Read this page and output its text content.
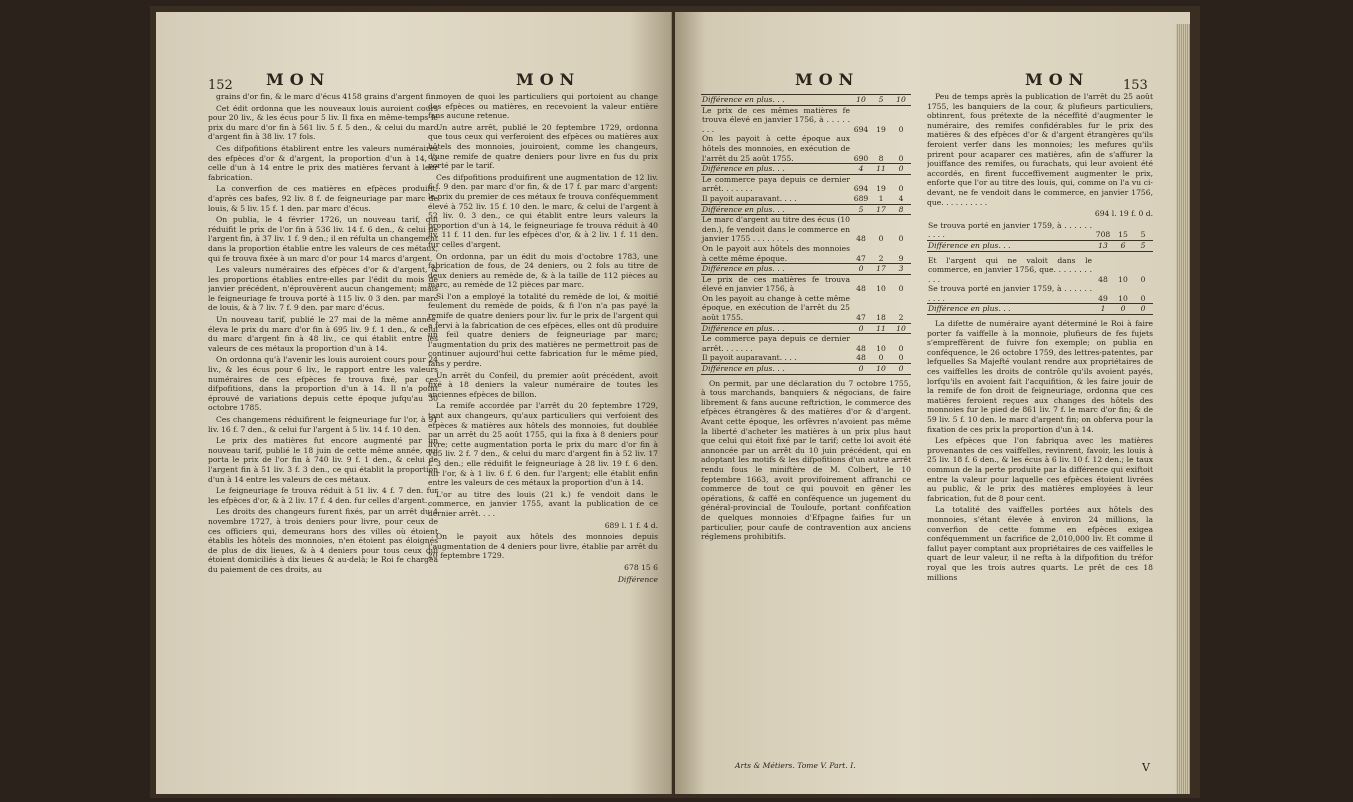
152 MON	MON

grains d'or fin, & le marc d'écus 4158 grains d'argent fin.

Cet édit ordonna que les nouveaux louis auroient cours pour 20 liv., & les écus pour 5 liv. Il fixa en même-temps le prix du marc d'or fin à 561 liv. 5 f. 5 den., & celui du marc d'argent fin à 38 liv. 17 fols.

Ces difpofitions établirent entre les valeurs numéraires des efpèces d'or & d'argent, la proportion d'un à 14, & celle d'un à 14 entre le prix des matières fervant à leur fabrication.

La converfion de ces matières en efpèces produifit, d'après ces bafes, 92 liv. 8 f. de feigneuriage par marc de louis, & 5 liv. 15 f. 1 den. par marc d'écus.

On publia, le 4 février 1726, un nouveau tarif, qui réduifit le prix de l'or fin à 536 liv. 14 f. 6 den., & celui de l'argent fin, à 37 liv. 1 f. 9 den.; il en réfulta un changement dans la proportion établie entre les valeurs de ces métaux, qui fe trouva fixée à un marc d'or pour 14 marcs d'argent.

Les valeurs numéraires des efpèces d'or & d'argent, & les proportions établies entre-elles par l'édit du mois de janvier précédent, n'éprouvèrent aucun changement; mais le feigneuriage fe trouva porté à 115 liv. 0 3 den. par marc de louis, & à 7 liv. 7 f. 9 den. par marc d'écus.

Un nouveau tarif, publié le 27 mai de la même année, éleva le prix du marc d'or fin à 695 liv. 9 f. 1 den., & celui du marc d'argent fin à 48 liv., ce qui établit entre les valeurs de ces métaux la proportion d'un à 14.

On ordonna qu'à l'avenir les louis auroient cours pour 24 liv., & les écus pour 6 liv., le rapport entre les valeurs numéraires de ces efpèces fe trouva fixé, par ces difpofitions, dans la proportion d'un à 14. Il n'a point éprouvé de variations depuis cette époque jufqu'au 30 octobre 1785.

Ces changemens réduifirent le feigneuriage fur l'or, à 91 liv. 16 f. 7 den., & celui fur l'argent à 5 liv. 14 f. 10 den.

Le prix des matières fut encore augmenté par un nouveau tarif, publié le 18 juin de cette même année, qui porta le prix de l'or fin à 740 liv. 9 f. 1 den., & celui de l'argent fin à 51 liv. 3 f. 3 den., ce qui établit la proportion d'un à 14 entre les valeurs de ces métaux.

Le feigneuriage fe trouva réduit à 51 liv. 4 f. 7 den. fur les efpèces d'or, & à 2 liv. 17 f. 4 den. fur celles d'argent.

Les droits des changeurs furent fixés, par un arrêt du 4 novembre 1727, à trois deniers pour livre, pour ceux de ces officiers qui, demeurans hors des villes où étoient établis les hôtels des monnoies, n'en étoient pas éloignés de plus de dix lieues, & à 4 deniers pour tous ceux qui étoient domiciliés à dix lieues & au-delà; le Roi fe chargea du paiement de ces droits, au

moyen de quoi les particuliers qui portoient au change des efpèces ou matières, en recevoient la valeur entière fans aucune retenue.

Un autre arrêt, publié le 20 feptembre 1729, ordonna que tous ceux qui verferoient des efpèces ou matières aux hôtels des monnoies, jouiroient, comme les changeurs, d'une remife de quatre deniers pour livre en fus du prix porté par le tarif.

Ces difpofitions produifirent une augmentation de 12 liv. 6 f. 9 den. par marc d'or fin, & de 17 f. par marc d'argent: le prix du premier de ces métaux fe trouva conféquemment élevé à 752 liv. 15 f. 10 den. le marc, & celui de l'argent à 52 liv. 0. 3 den., ce qui établit entre leurs valeurs la proportion d'un à 14, le feigneuriage fe trouva réduit à 40 liv. 11 f. 11 den. fur les efpèces d'or, & à 2 liv. 1 f. 11 den. fur celles d'argent.

On ordonna, par un édit du mois d'octobre 1783, une fabrication de fous, de 24 deniers, ou 2 fols au titre de deux deniers au remède de, & à la taille de 112 pièces au marc, au remède de 12 pièces par marc.

Si l'on a employé la totalité du remède de loi, & moitié feulement du remède de poids, & fi l'on n'a pas payé la remife de quatre deniers pour liv. fur le prix de l'argent qui a fervi à la fabrication de ces efpèces, elles ont dû produire un feil quatre deniers de feigneuriage par marc; l'augmentation du prix des matières ne permettroit pas de continuer aujourd'hui cette fabrication fur le même pied, fans y perdre.

Un arrêt du Confeil, du premier août précédent, avoit fixé à 18 deniers la valeur numéraire de toutes les anciennes efpèces de billon.

La remife accordée par l'arrêt du 20 feptembre 1729, tant aux changeurs, qu'aux particuliers qui verfoient des efpèces & matières aux hôtels des monnoies, fut doublée par un arrêt du 25 août 1755, qui la fixa à 8 deniers pour livre; cette augmentation porta le prix du marc d'or fin à 765 liv. 2 f. 7 den., & celui du marc d'argent fin à 52 liv. 17 f. 3 den.; elle réduifit le feigneuriage à 28 liv. 19 f. 6 den. fur l'or, & à 1 liv. 6 f. 6 den. fur l'argent; elle établit enfin entre les valeurs de ces métaux la proportion d'un à 14.

L'or au titre des louis (21 k.) fe vendoit dans le commerce, en janvier 1755, avant la publication de ce dernier arrêt. . . .

689 l. 1 f. 4 d.

On le payoit aux hôtels des monnoies depuis l'augmentation de 4 deniers pour livre, établie par arrêt du 20 feptembre 1729.

678 15 6

Différence

MON	MON	153
Différence en plus. . .	10	5	10
Le prix de ces mêmes matières fe trouva élevé en janvier 1756, à . . . . . . . .	694	19	0
On les payoit à cette époque aux hôtels des monnoies, en exécution de l'arrêt du 25 août 1755.	690	8	0
Différence en plus. . .	4	11	0
Le commerce paya depuis ce dernier arrêt. . . . . . .	694	19	0
Il payoit auparavant. . . .	689	1	4
Différence en plus. . .	5	17	8
Le marc d'argent au titre des écus (10 den.), fe vendoit dans le commerce en janvier 1755 . . . . . . . .	48	0	0
On le payoit aux hôtels des monnoies à cette même époque.	47	2	9
Différence en plus. . .	0	17	3
Le prix de ces matières fe trouva élevé en janvier 1756, à	48	10	0
On les payoit au change à cette même époque, en exécution de l'arrêt du 25 août 1755.	47	18	2
Différence en plus. . .	0	11	10
Le commerce paya depuis ce dernier arrêt. . . . . . .	48	10	0
Il payoit auparavant. . . .	48	0	0
Différence en plus. . .	0	10	0

On permit, par une déclaration du 7 octobre 1755, à tous marchands, banquiers & négocians, de faire librement & fans aucune reftriction, le commerce des efpèces étrangères & des matières d'or & d'argent. Avant cette époque, les orfèvres n'avoient pas même la liberté d'acheter les matières à un prix plus haut que celui qui étoit fixé par le tarif; cette loi avoit été annoncée par un arrêt du 10 juin précédent, qui en adoptant les motifs & les difpofitions d'un autre arrêt rendu fous le miniftère de M. Colbert, le 10 feptembre 1663, avoit provifoirement affranchi ce commerce de tout ce qui pouvoit en gêner les opérations, & caffé en conféquence un jugement du général-provincial de Touloufe, portant confifcation de quelques monnoies d'Efpagne faifies fur un particulier, pour caufe de contravention aux anciens réglemens prohibitifs.

Peu de temps après la publication de l'arrêt du 25 août 1755, les banquiers de la cour, & plufieurs particuliers, obtinrent, fous prétexte de la néceffité d'augmenter le numéraire, des remifes confidérables fur le prix des matières & des efpèces d'or & d'argent étrangères qu'ils feroient verfer dans les monnoies; les mefures qu'ils prirent pour acaparer ces matières, afin de s'affurer la jouiffance des remifes, ou furachats, qui leur avoient été accordés, en firent fucceffivement augmenter le prix, enforte que l'or au titre des louis, qui, comme on l'a vu ci-devant, ne fe vendoit dans le commerce, en janvier 1756, que. . . . . . . . . .

694 l. 19 f. 0 d.

Se trouva porté en janvier 1759, à . . . . . . . . . .	708	15	5
Différence en plus. . .	13	6	5
Et l'argent qui ne valoit dans le commerce, en janvier 1756, que. . . . . . . . . . .	48	10	0
Se trouva porté en janvier 1759, à . . . . . . . . . .	49	10	0
Différence en plus. . .	1	0	0

La difette de numéraire ayant déterminé le Roi à faire porter fa vaiffelle à la monnoie, plufieurs de fes fujets s'empreffèrent de fuivre fon exemple; on publia en conféquence, le 26 octobre 1759, des lettres-patentes, par lefquelles Sa Majefté voulant rendre aux propriétaires de ces vaiffelles les droits de contrôle qu'ils avoient payés, lorfqu'ils en avoient fait l'acquifition, & les faire jouir de la remife de fon droit de feigneuriage, ordonna que ces matières feroient reçues aux changes des hôtels des monnoies fur le pied de 861 liv. 7 f. le marc d'or fin; & de 59 liv. 5 f. 10 den. le marc d'argent fin; on obferva pour la fixation de ces prix la proportion d'un à 14.

Les efpèces que l'on fabriqua avec les matières provenantes de ces vaiffelles, revinrent, favoir, les louis à 25 liv. 18 f. 6 den., & les écus à 6 liv. 10 f. 12 den.; le taux commun de la perte produite par la différence qui exiftoit entre la valeur pour laquelle ces efpèces étoient livrées au public, & le prix des matières employées à leur fabrication, fut de 8 pour cent.

La totalité des vaiffelles portées aux hôtels des monnoies, s'étant élevée à environ 24 millions, la converfion de cette fomme en efpèces exigea conféquemment un facrifice de 2,010,000 liv. Et comme il fallut payer comptant aux propriétaires de ces vaiffelles le quart de leur valeur, il ne refta à la difpofition du tréfor royal que les trois autres quarts. Le prêt de ces 18 millions

Arts & Métiers. Tome V. Part. I.	V
